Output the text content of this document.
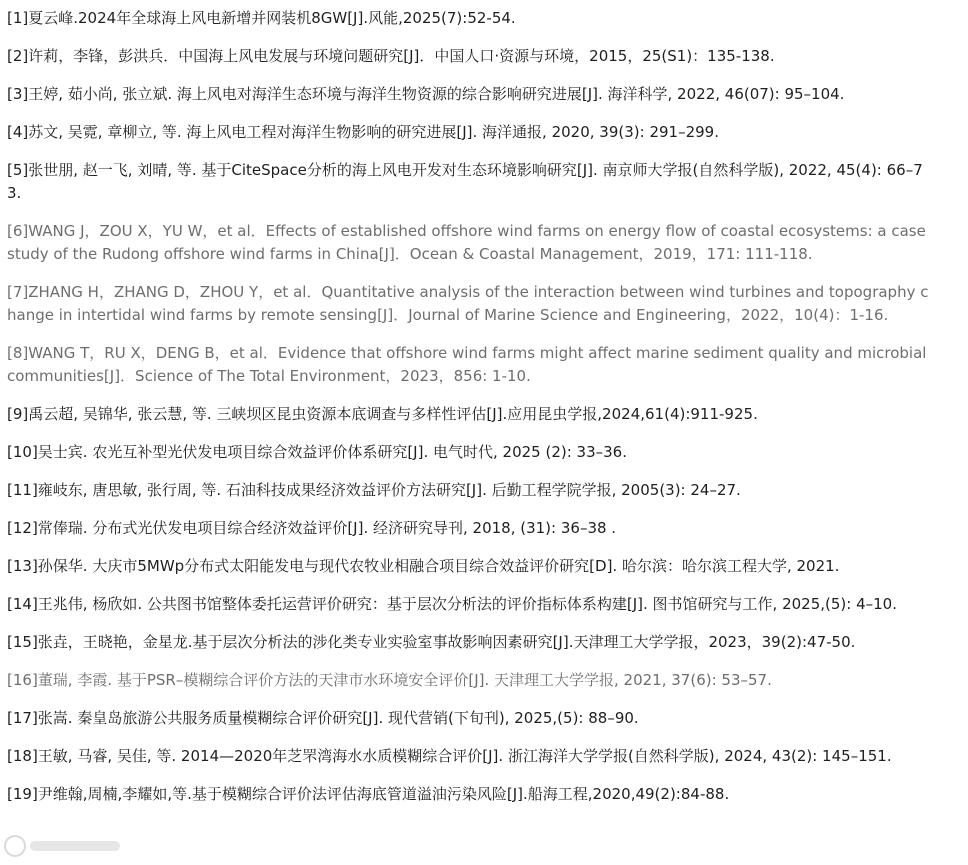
[1]夏云峰.2024年全球海上风电新增并网装机8GW[J].风能,2025(7):52-54.
[2]许莉，李锋，彭洪兵．中国海上风电发展与环境问题研究[J]．中国人口·资源与环境，2015，25(S1)：135-138.
[3]王婷, 茹小尚, 张立斌. 海上风电对海洋生态环境与海洋生物资源的综合影响研究进展[J]. 海洋科学, 2022, 46(07): 95–104.
[4]苏文, 吴霓, 章柳立, 等. 海上风电工程对海洋生物影响的研究进展[J]. 海洋通报, 2020, 39(3): 291–299.
[5]张世朋, 赵一飞, 刘晴, 等. 基于CiteSpace分析的海上风电开发对生态环境影响研究[J]. 南京师大学报(自然科学版), 2022, 45(4): 66–73.
[6]WANG J，ZOU X，YU W，et al．Effects of established offshore wind farms on energy flow of coastal ecosystems: a case study of the Rudong offshore wind farms in China[J]．Ocean & Coastal Management，2019，171: 111-118.
[7]ZHANG H，ZHANG D，ZHOU Y，et al．Quantitative analysis of the interaction between wind turbines and topography change in intertidal wind farms by remote sensing[J]．Journal of Marine Science and Engineering，2022，10(4)：1-16.
[8]WANG T，RU X，DENG B，et al．Evidence that offshore wind farms might affect marine sediment quality and microbial communities[J]．Science of The Total Environment，2023，856: 1-10.
[9]禹云超, 吴锦华, 张云慧, 等. 三峡坝区昆虫资源本底调查与多样性评估[J].应用昆虫学报,2024,61(4):911-925.
[10]吴士宾. 农光互补型光伏发电项目综合效益评价体系研究[J]. 电气时代, 2025 (2): 33–36.
[11]雍岐东, 唐思敏, 张行周, 等. 石油科技成果经济效益评价方法研究[J]. 后勤工程学院学报, 2005(3): 24–27.
[12]常俸瑞. 分布式光伏发电项目综合经济效益评价[J]. 经济研究导刊, 2018, (31): 36–38 .
[13]孙保华. 大庆市5MWp分布式太阳能发电与现代农牧业相融合项目综合效益评价研究[D]. 哈尔滨：哈尔滨工程大学, 2021.
[14]王兆伟, 杨欣如. 公共图书馆整体委托运营评价研究：基于层次分析法的评价指标体系构建[J]. 图书馆研究与工作, 2025,(5): 4–10.
[15]张垚，王晓艳，金星龙.基于层次分析法的涉化类专业实验室事故影响因素研究[J].天津理工大学学报，2023，39(2):47-50.
[16]董瑞, 李霞. 基于PSR–模糊综合评价方法的天津市水环境安全评价[J]. 天津理工大学学报, 2021, 37(6): 53–57.
[17]张嵩. 秦皇岛旅游公共服务质量模糊综合评价研究[J]. 现代营销(下旬刊), 2025,(5): 88–90.
[18]王敏, 马睿, 吴佳, 等. 2014—2020年芝罘湾海水水质模糊综合评价[J]. 浙江海洋大学学报(自然科学版), 2024, 43(2): 145–151.
[19]尹维翰,周楠,李耀如,等.基于模糊综合评价法评估海底管道溢油污染风险[J].船海工程,2020,49(2):84-88.
